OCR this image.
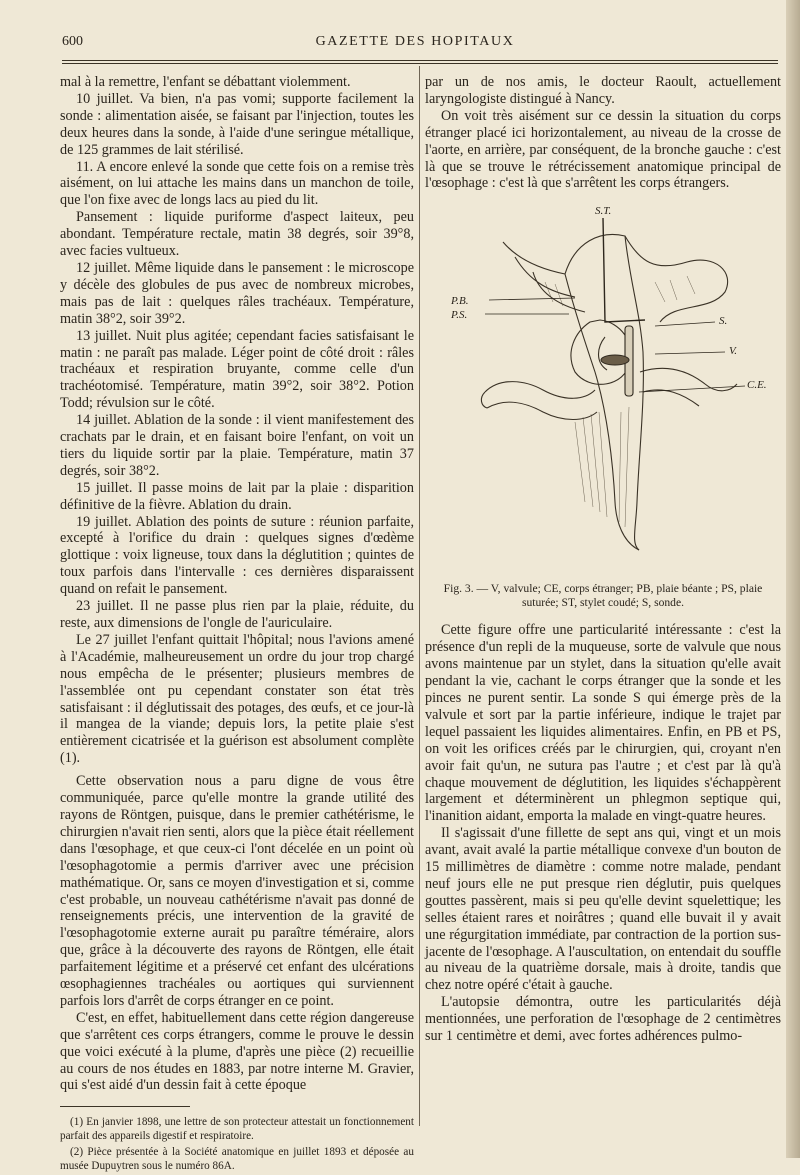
600	GAZETTE DES HOPITAUX

mal à la remettre, l'enfant se débattant violemment.

10 juillet. Va bien, n'a pas vomi; supporte facilement la sonde : alimentation aisée, se faisant par l'injection, toutes les deux heures dans la sonde, à l'aide d'une seringue métallique, de 125 grammes de lait stérilisé.

11. A encore enlevé la sonde que cette fois on a remise très aisément, on lui attache les mains dans un manchon de toile, que l'on fixe avec de longs lacs au pied du lit.

Pansement : liquide puriforme d'aspect laiteux, peu abondant. Température rectale, matin 38 degrés, soir 39°8, avec facies vultueux.

12 juillet. Même liquide dans le pansement : le microscope y décèle des globules de pus avec de nombreux microbes, mais pas de lait : quelques râles trachéaux. Température, matin 38°2, soir 39°2.

13 juillet. Nuit plus agitée; cependant facies satisfaisant le matin : ne paraît pas malade. Léger point de côté droit : râles trachéaux et respiration bruyante, comme celle d'un trachéotomisé. Température, matin 39°2, soir 38°2. Potion Todd; révulsion sur le côté.

14 juillet. Ablation de la sonde : il vient manifestement des crachats par le drain, et en faisant boire l'enfant, on voit un tiers du liquide sortir par la plaie. Température, matin 37 degrés, soir 38°2.

15 juillet. Il passe moins de lait par la plaie : disparition définitive de la fièvre. Ablation du drain.

19 juillet. Ablation des points de suture : réunion parfaite, excepté à l'orifice du drain : quelques signes d'œdème glottique : voix ligneuse, toux dans la déglutition ; quintes de toux parfois dans l'intervalle : ces dernières disparaissent quand on refait le pansement.

23 juillet. Il ne passe plus rien par la plaie, réduite, du reste, aux dimensions de l'ongle de l'auriculaire.

Le 27 juillet l'enfant quittait l'hôpital; nous l'avions amené à l'Académie, malheureusement un ordre du jour trop chargé nous empêcha de le présenter; plusieurs membres de l'assemblée ont pu cependant constater son état très satisfaisant : il déglutissait des potages, des œufs, et ce jour-là il mangea de la viande; depuis lors, la petite plaie s'est entièrement cicatrisée et la guérison est absolument complète (1).

Cette observation nous a paru digne de vous être communiquée, parce qu'elle montre la grande utilité des rayons de Röntgen, puisque, dans le premier cathétérisme, le chirurgien n'avait rien senti, alors que la pièce était réellement dans l'œsophage, et que ceux-ci l'ont décelée en un point où l'œsophagotomie a permis d'arriver avec une précision mathématique. Or, sans ce moyen d'investigation et si, comme c'est probable, un nouveau cathétérisme n'avait pas donné de renseignements précis, une intervention de la gravité de l'œsophagotomie externe aurait pu paraître téméraire, alors que, grâce à la découverte des rayons de Röntgen, elle était parfaitement légitime et a préservé cet enfant des ulcérations œsophagiennes trachéales ou aortiques qui surviennent parfois lors d'arrêt de corps étranger en ce point.

C'est, en effet, habituellement dans cette région dangereuse que s'arrêtent ces corps étrangers, comme le prouve le dessin que voici exécuté à la plume, d'après une pièce (2) recueillie au cours de nos études en 1883, par notre interne M. Gravier, qui s'est aidé d'un dessin fait à cette époque

(1) En janvier 1898, une lettre de son protecteur attestait un fonctionnement parfait des appareils digestif et respiratoire.

(2) Pièce présentée à la Société anatomique en juillet 1893 et déposée au musée Dupuytren sous le numéro 86A.

par un de nos amis, le docteur Raoult, actuellement laryngologiste distingué à Nancy.

On voit très aisément sur ce dessin la situation du corps étranger placé ici horizontalement, au niveau de la crosse de l'aorte, en arrière, par conséquent, de la bronche gauche : c'est là que se trouve le rétrécissement anatomique principal de l'œsophage : c'est là que s'arrêtent les corps étrangers.

S.T.
P.B.
P.S.	S.
V.
C.E.
Fig. 3. — V, valvule; CE, corps étranger; PB, plaie béante ; PS, plaie suturée; ST, stylet coudé; S, sonde.

Cette figure offre une particularité intéressante : c'est la présence d'un repli de la muqueuse, sorte de valvule que nous avons maintenue par un stylet, dans la situation qu'elle avait pendant la vie, cachant le corps étranger que la sonde et les pinces ne purent sentir. La sonde S qui émerge près de la valvule et sort par la partie inférieure, indique le trajet par lequel passaient les liquides alimentaires. Enfin, en PB et PS, on voit les orifices créés par le chirurgien, qui, croyant n'en avoir fait qu'un, ne sutura pas l'autre ; et c'est par là qu'à chaque mouvement de déglutition, les liquides s'échappèrent largement et déterminèrent un phlegmon septique qui, l'inanition aidant, emporta la malade en vingt-quatre heures.

Il s'agissait d'une fillette de sept ans qui, vingt et un mois avant, avait avalé la partie métallique convexe d'un bouton de 15 millimètres de diamètre : comme notre malade, pendant neuf jours elle ne put presque rien déglutir, puis quelques gouttes passèrent, mais si peu qu'elle devint squelettique; les selles étaient rares et noirâtres ; quand elle buvait il y avait une régurgitation immédiate, par contraction de la portion sus-jacente de l'œsophage. A l'auscultation, on entendait du souffle au niveau de la quatrième dorsale, mais à droite, tandis que chez notre opéré c'était à gauche.

L'autopsie démontra, outre les particularités déjà mentionnées, une perforation de l'œsophage de 2 centimètres sur 1 centimètre et demi, avec fortes adhérences pulmo-
